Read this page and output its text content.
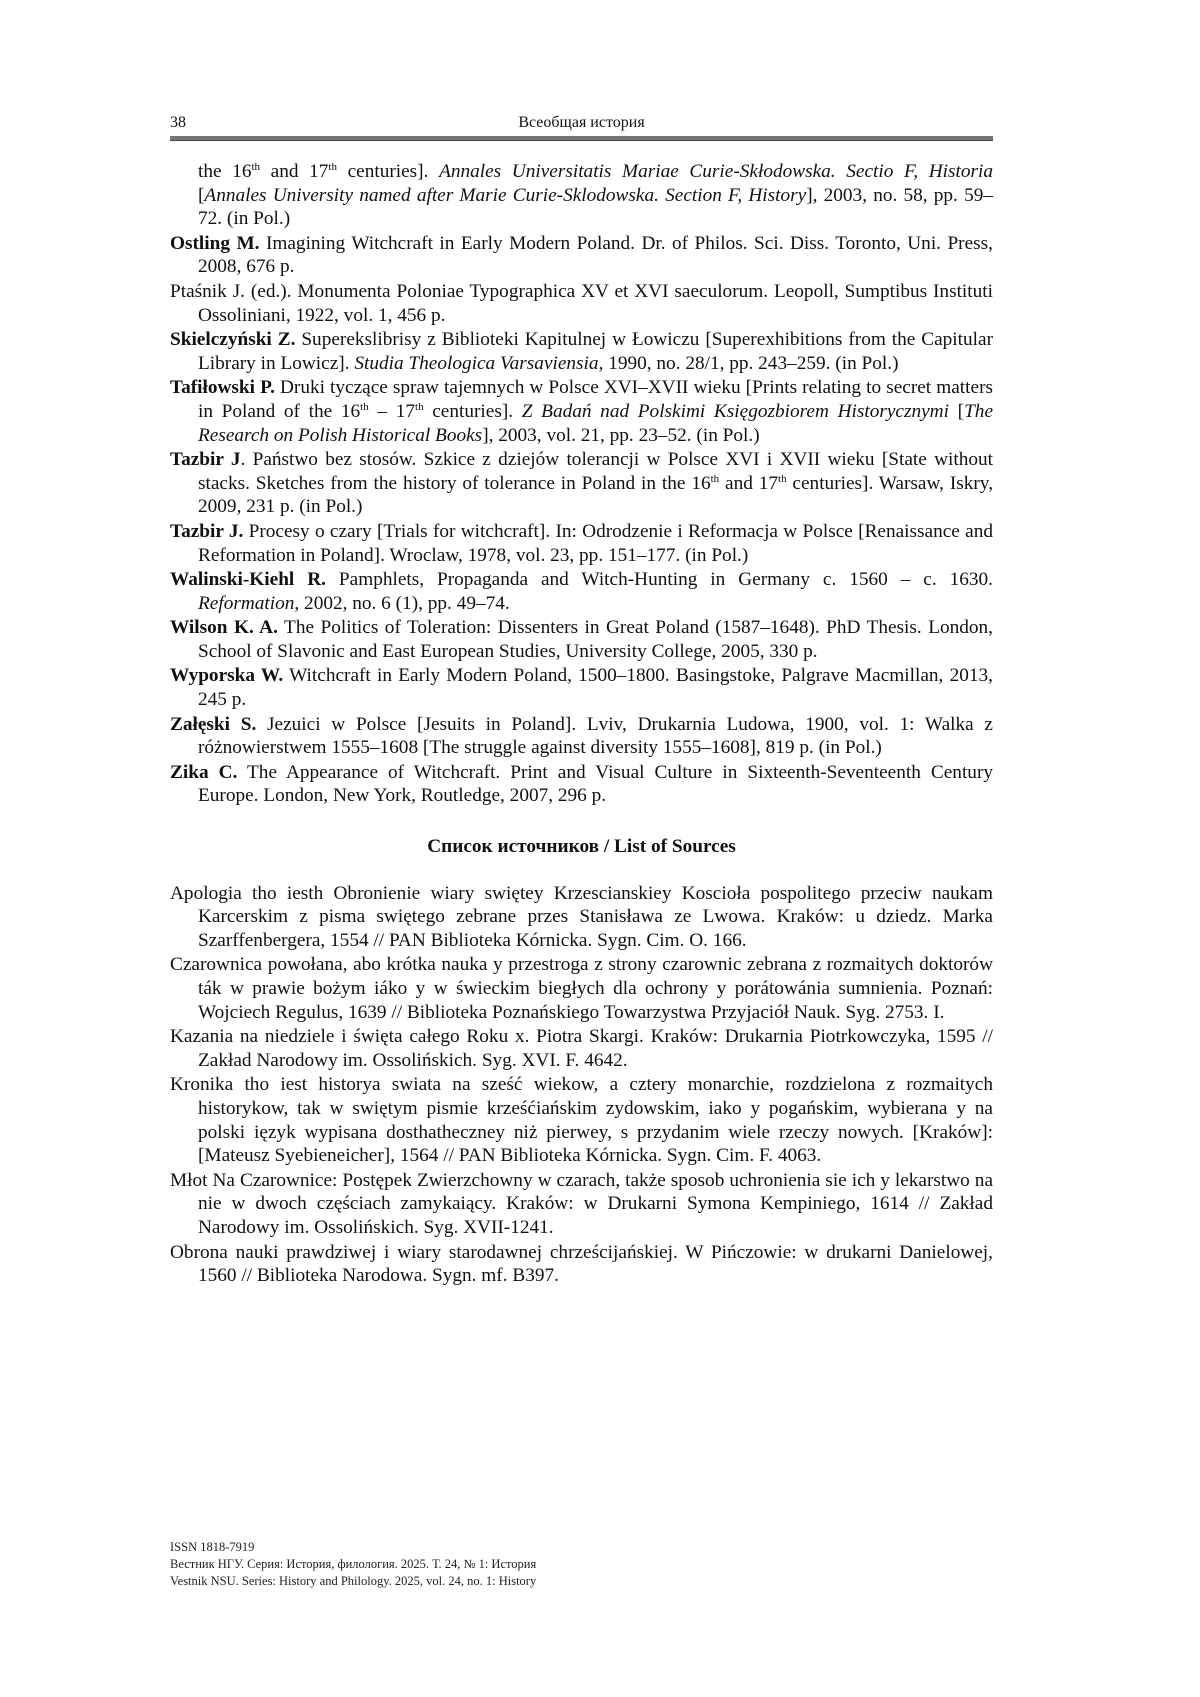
38	Всеобщая история
the 16th and 17th centuries]. Annales Universitatis Mariae Curie-Skłodowska. Sectio F, Historia [Annales University named after Marie Curie-Sklodowska. Section F, History], 2003, no. 58, pp. 59–72. (in Pol.)
Ostling M. Imagining Witchcraft in Early Modern Poland. Dr. of Philos. Sci. Diss. Toronto, Uni. Press, 2008, 676 p.
Ptaśnik J. (ed.). Monumenta Poloniae Typographica XV et XVI saeculorum. Leopoll, Sumptibus Instituti Ossoliniani, 1922, vol. 1, 456 p.
Skielczyński Z. Superekslibrisy z Biblioteki Kapitulnej w Łowiczu [Superexhibitions from the Capitular Library in Lowicz]. Studia Theologica Varsaviensia, 1990, no. 28/1, pp. 243–259. (in Pol.)
Tafiłowski P. Druki tyczące spraw tajemnych w Polsce XVI–XVII wieku [Prints relating to secret matters in Poland of the 16th – 17th centuries]. Z Badań nad Polskimi Księgozbiorem Historycznymi [The Research on Polish Historical Books], 2003, vol. 21, pp. 23–52. (in Pol.)
Tazbir J. Państwo bez stosów. Szkice z dziejów tolerancji w Polsce XVI i XVII wieku [State without stacks. Sketches from the history of tolerance in Poland in the 16th and 17th centuries]. Warsaw, Iskry, 2009, 231 p. (in Pol.)
Tazbir J. Procesy o czary [Trials for witchcraft]. In: Odrodzenie i Reformacja w Polsce [Renaissance and Reformation in Poland]. Wroclaw, 1978, vol. 23, pp. 151–177. (in Pol.)
Walinski-Kiehl R. Pamphlets, Propaganda and Witch-Hunting in Germany c. 1560 – c. 1630. Reformation, 2002, no. 6 (1), pp. 49–74.
Wilson K. A. The Politics of Toleration: Dissenters in Great Poland (1587–1648). PhD Thesis. London, School of Slavonic and East European Studies, University College, 2005, 330 p.
Wyporska W. Witchcraft in Early Modern Poland, 1500–1800. Basingstoke, Palgrave Macmillan, 2013, 245 p.
Załęski S. Jezuici w Polsce [Jesuits in Poland]. Lviv, Drukarnia Ludowa, 1900, vol. 1: Walka z różnowierstwem 1555–1608 [The struggle against diversity 1555–1608], 819 p. (in Pol.)
Zika C. The Appearance of Witchcraft. Print and Visual Culture in Sixteenth-Seventeenth Century Europe. London, New York, Routledge, 2007, 296 p.
Список источников / List of Sources
Apologia tho iesth Obronienie wiary swiętey Krzescianskiey Koscioła pospolitego przeciw naukam Karcerskim z pisma swiętego zebrane przes Stanisława ze Lwowa. Kraków: u dziedz. Marka Szarffenbergera, 1554 // PAN Biblioteka Kórnicka. Sygn. Cim. O. 166.
Czarownica powołana, abo krótka nauka y przestroga z strony czarownic zebrana z rozmaitych doktorów ták w prawie bożym iáko y w świeckim biegłych dla ochrony y porátowánia sumnienia. Poznań: Wojciech Regulus, 1639 // Biblioteka Poznańskiego Towarzystwa Przyjaciół Nauk. Syg. 2753. I.
Kazania na niedziele i święta całego Roku x. Piotra Skargi. Kraków: Drukarnia Piotrkowczyka, 1595 // Zakład Narodowy im. Ossolińskich. Syg. XVI. F. 4642.
Kronika tho iest historya swiata na sześć wiekow, a cztery monarchie, rozdzielona z rozmaitych historykow, tak w swiętym pismie krześćiańskim zydowskim, iako y pogańskim, wybierana y na polski ięzyk wypisana dosthatheczney niż pierwey, s przydanim wiele rzeczy nowych. [Kraków]: [Mateusz Syebieneicher], 1564 // PAN Biblioteka Kórnicka. Sygn. Cim. F. 4063.
Młot Na Czarownice: Postępek Zwierzchowny w czarach, także sposob uchronienia sie ich y lekarstwo na nie w dwoch częściach zamykaiący. Kraków: w Drukarni Symona Kempiniego, 1614 // Zakład Narodowy im. Ossolińskich. Syg. XVII-1241.
Obrona nauki prawdziwej i wiary starodawnej chrześcijańskiej. W Pińczowie: w drukarni Danielowej, 1560 // Biblioteka Narodowa. Sygn. mf. B397.
ISSN 1818-7919
Вестник НГУ. Серия: История, филология. 2025. Т. 24, № 1: История
Vestnik NSU. Series: History and Philology. 2025, vol. 24, no. 1: History
